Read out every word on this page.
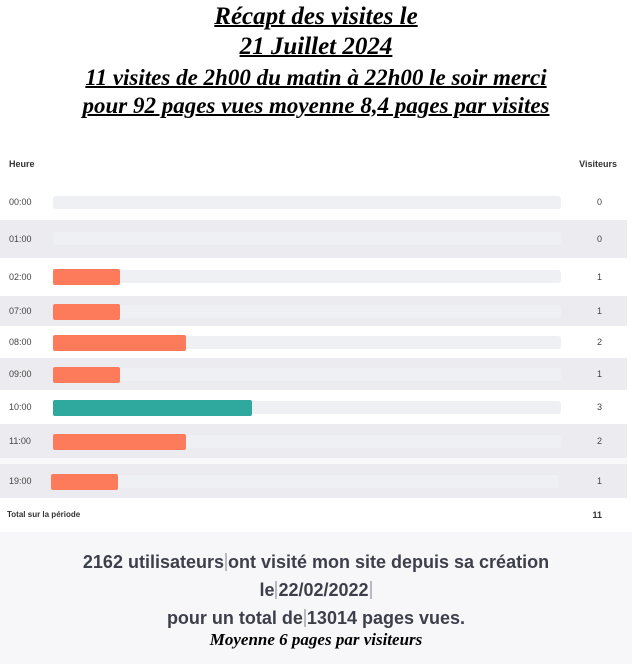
Récapt des visites le
21 Juillet 2024
11 visites de 2h00 du matin à 22h00 le soir merci
pour 92 pages vues moyenne 8,4 pages par visites
Heure	Visiteurs
00:00	0
01:00	0
02:00	1
07:00	1
08:00	2
09:00	1
10:00	3
11:00	2
19:00	1
Total sur la période	11
2162 utilisateurs ont visité mon site depuis sa création
le 22/02/2022
pour un total de 13014 pages vues.
Moyenne 6 pages par visiteurs
